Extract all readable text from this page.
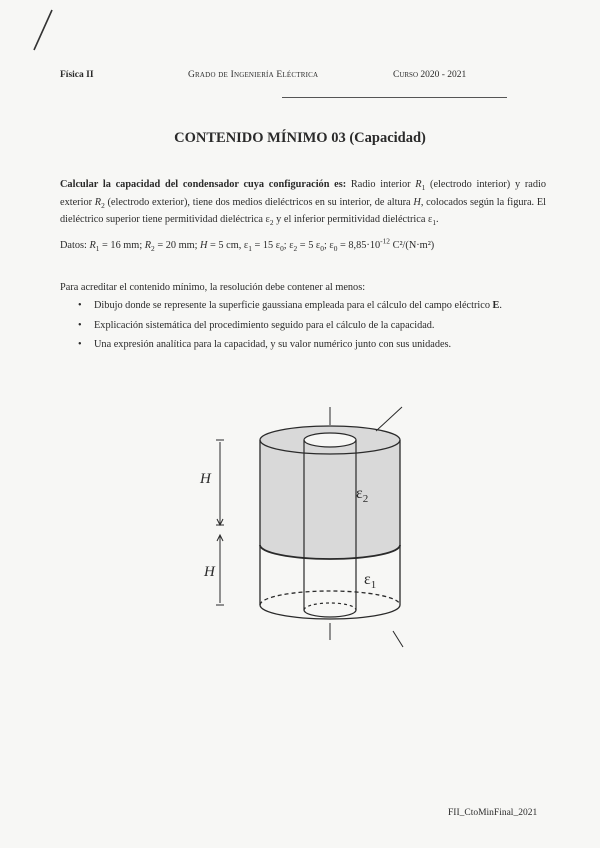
Física II	Grado de Ingeniería Eléctrica	Curso 2020 - 2021
CONTENIDO MÍNIMO 03 (Capacidad)
Calcular la capacidad del condensador cuya configuración es: Radio interior $R_1$ (electrodo interior) y radio exterior $R_2$ (electrodo exterior), tiene dos medios dieléctricos en su interior, de altura H, colocados según la figura. El dieléctrico superior tiene permitividad dieléctrica $\varepsilon_2$ y el inferior permitividad dieléctrica $\varepsilon_1$.
Datos: $R_1 = 16$ mm; $R_2 = 20$ mm; H = 5 cm, $\varepsilon_1 = 15$ $\varepsilon_0$; $\varepsilon_2 = 5$ $\varepsilon_0$; $\varepsilon_0 = 8,85\cdot 10^{-12}$ C²/(N·m²)
Para acreditar el contenido mínimo, la resolución debe contener al menos:
• Dibujo donde se represente la superficie gaussiana empleada para el cálculo del campo eléctrico E.
• Explicación sistemática del procedimiento seguido para el cálculo de la capacidad.
• Una expresión analítica para la capacidad, y su valor numérico junto con sus unidades.
H
H
$\varepsilon_2$
$\varepsilon_1$
FII_CtoMinFinal_2021
